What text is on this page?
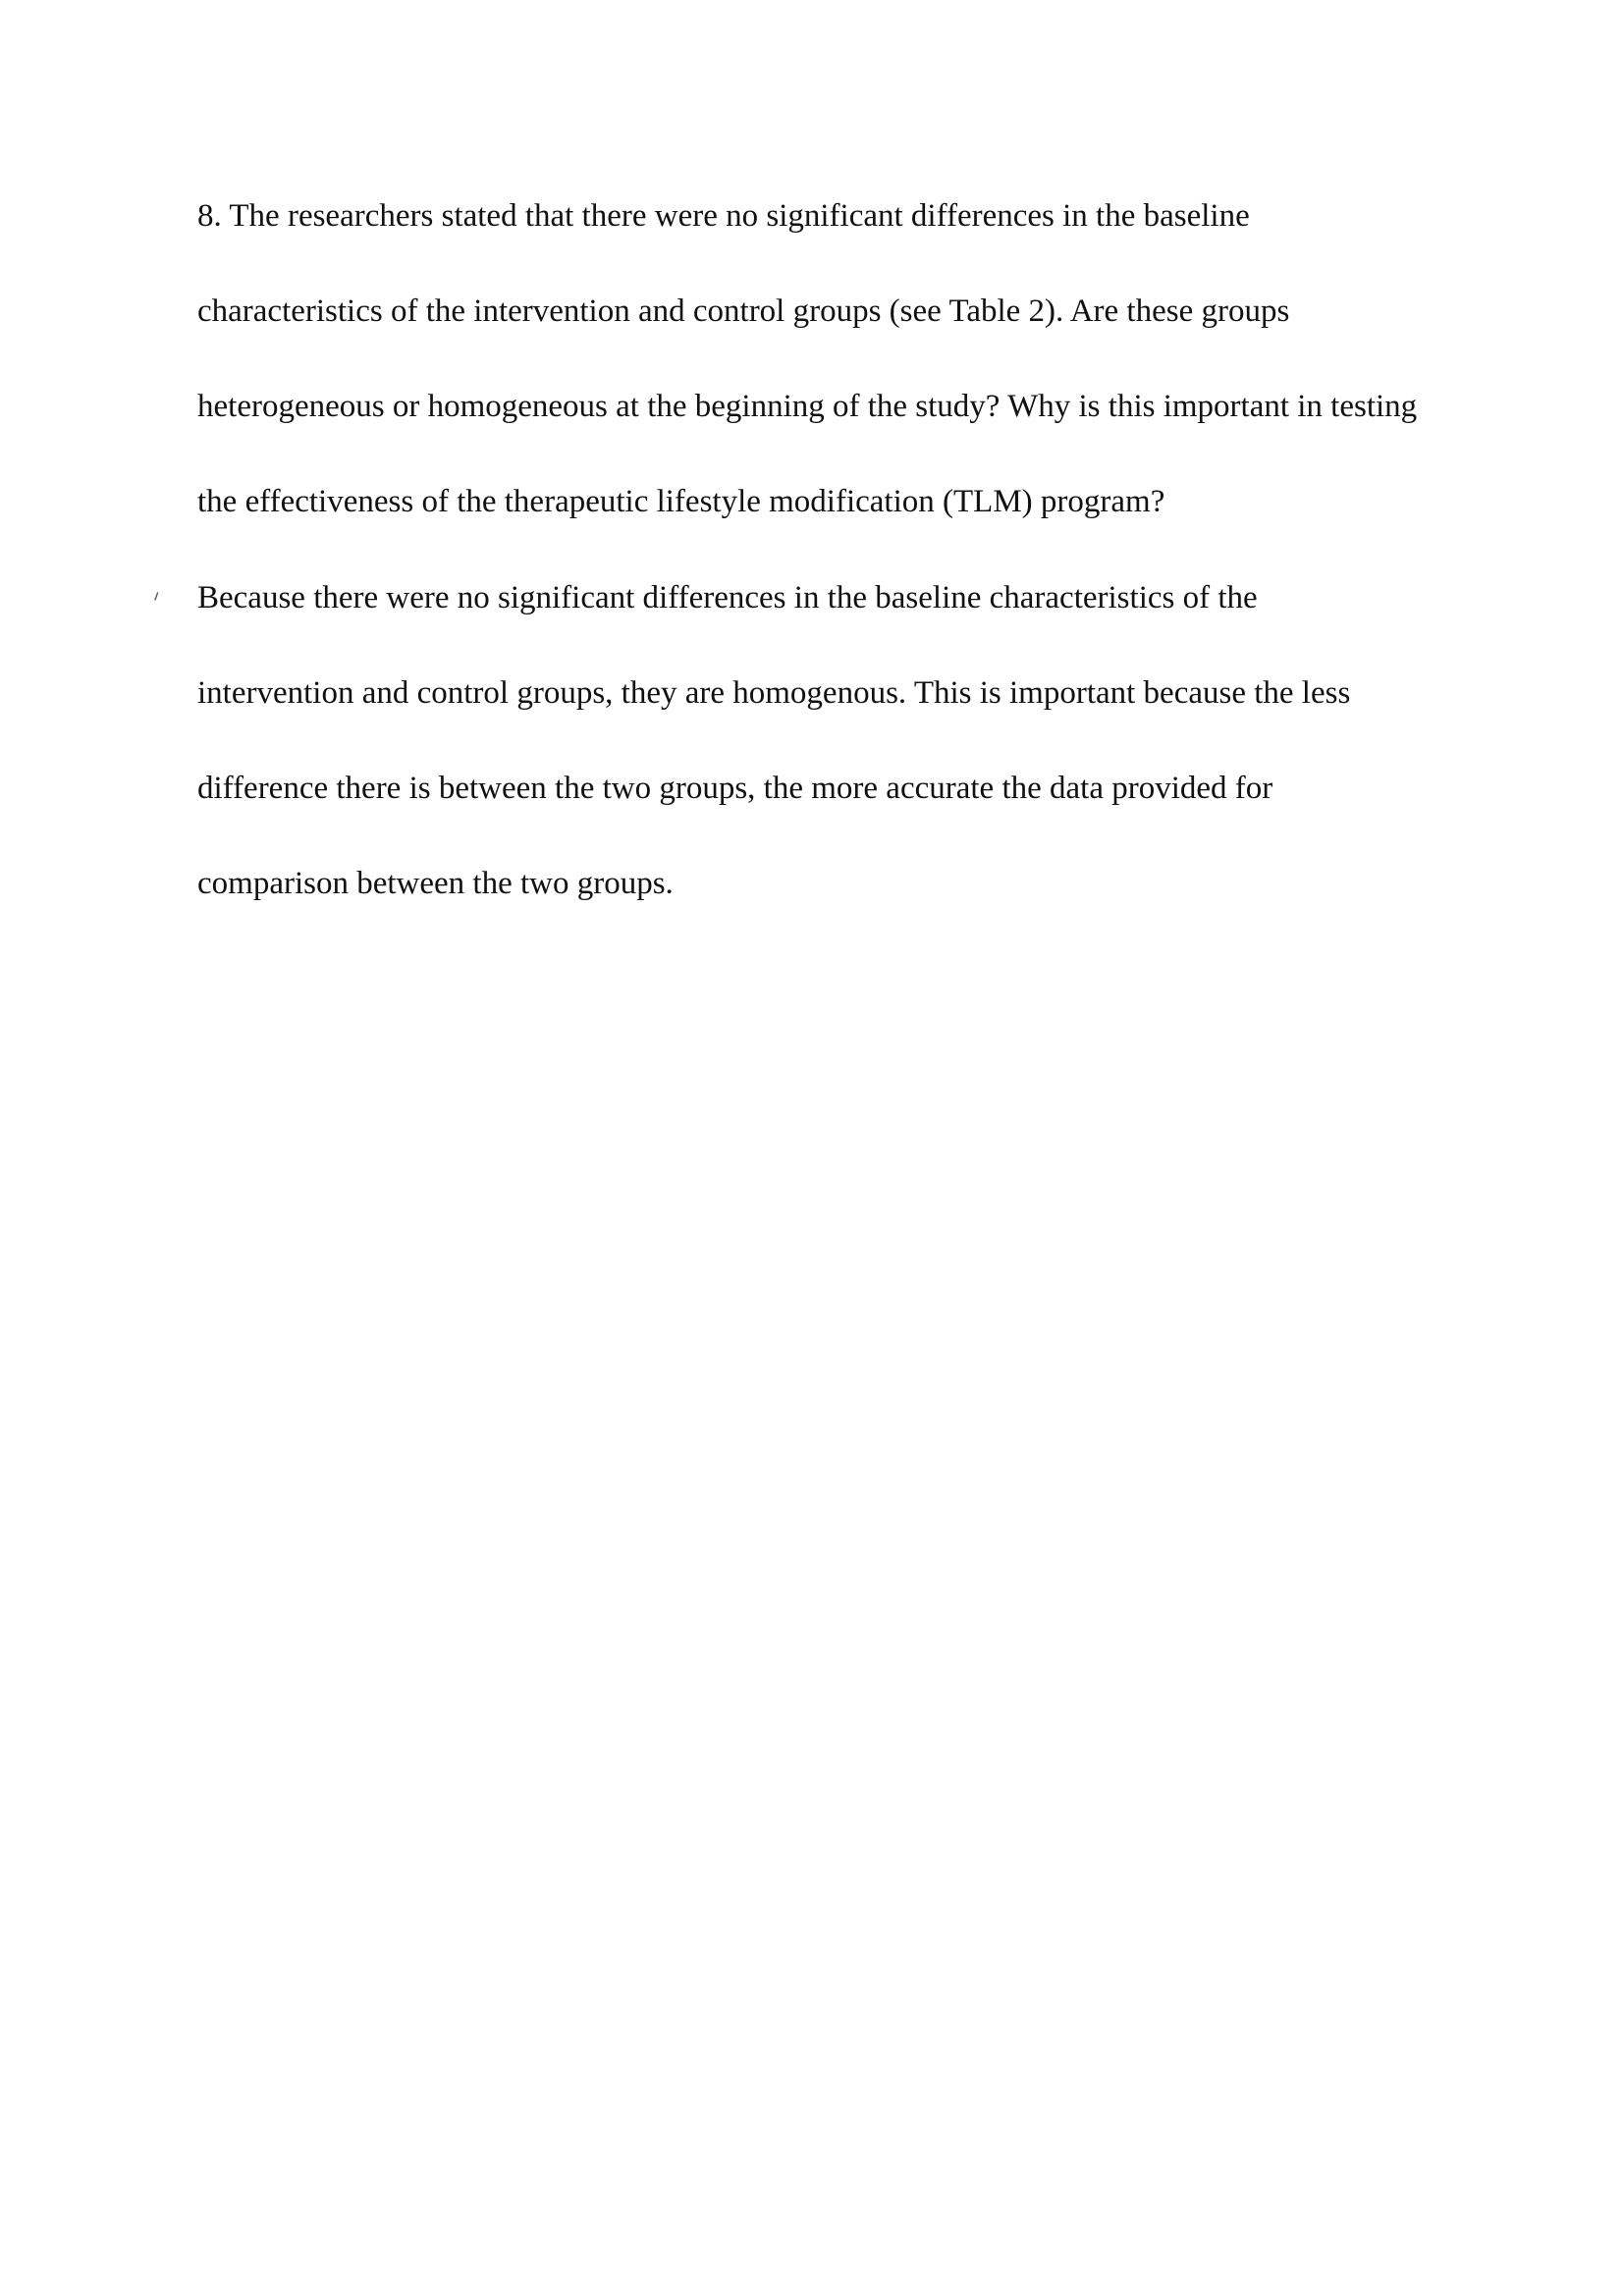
8. The researchers stated that there were no significant differences in the baseline

characteristics of the intervention and control groups (see Table 2). Are these groups

heterogeneous or homogeneous at the beginning of the study? Why is this important in testing

the effectiveness of the therapeutic lifestyle modification (TLM) program?

Because there were no significant differences in the baseline characteristics of the

intervention and control groups, they are homogenous. This is important because the less

difference there is between the two groups, the more accurate the data provided for

comparison between the two groups.
